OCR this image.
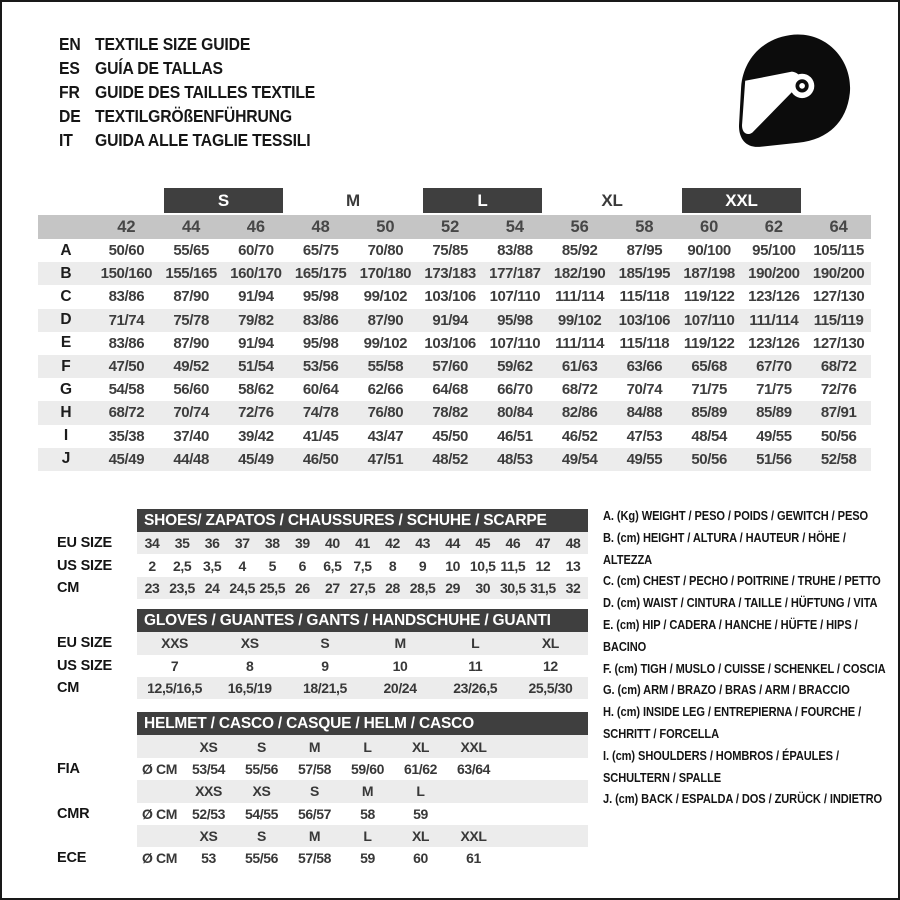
EN TEXTILE SIZE GUIDE
ES GUÍA DE TALLAS
FR GUIDE DES TAILLES TEXTILE
DE TEXTILGRÖßENFÜHRUNG
IT	GUIDA ALLE TAGLIE TESSILI
S	M	L	XL	XXL
42	44	46	48	50	52	54	56	58	60	62	64
A	50/60	55/65	60/70	65/75	70/80	75/85	83/88	85/92	87/95	90/100	95/100	105/115
B	150/160 155/165 160/170 165/175 170/180 173/183 177/187 182/190 185/195 187/198 190/200 190/200
C	83/86	87/90	91/94	95/98	99/102	103/106 107/110 111/114	115/118 119/122 123/126 127/130
D	71/74	75/78	79/82	83/86	87/90	91/94	95/98	99/102	103/106 107/110 111/114	115/119
E	83/86	87/90	91/94	95/98	99/102	103/106 107/110 111/114	115/118 119/122 123/126 127/130
F	47/50	49/52	51/54	53/56	55/58	57/60	59/62	61/63	63/66	65/68	67/70	68/72
G	54/58	56/60	58/62	60/64	62/66	64/68	66/70	68/72	70/74	71/75	71/75	72/76
H	68/72	70/74	72/76	74/78	76/80	78/82	80/84	82/86	84/88	85/89	85/89	87/91
I	35/38	37/40	39/42	41/45	43/47	45/50	46/51	46/52	47/53	48/54	49/55	50/56
J	45/49	44/48	45/49	46/50	47/51	48/52	48/53	49/54	49/55	50/56	51/56	52/58
SHOES/ ZAPATOS / CHAUSSURES / SCHUHE / SCARPE
EU SIZE	34	35	36	37	38	39	40	41	42	43	44	45	46	47	48
US SIZE	2	2,5 3,5	4	5	6	6,5 7,5	8	9	10 10,5 11,5 12	13
CM	23 23,5 24 24,5 25,5 26	27 27,5 28 28,5 29	30 30,5 31,5 32
GLOVES / GUANTES / GANTS / HANDSCHUHE / GUANTI
EU SIZE	XXS	XS	S	M	L	XL
US SIZE	7	8	9	10	11	12
CM	12,5/16,5	16,5/19	18/21,5	20/24	23/26,5	25,5/30
HELMET / CASCO / CASQUE / HELM / CASCO
XS	S	M	L	XL	XXL
FIA	Ø CM	53/54	55/56	57/58	59/60	61/62	63/64
XXS	XS	S	M	L
CMR	Ø CM	52/53	54/55	56/57	58	59
XS	S	M	L	XL	XXL
ECE	Ø CM	53	55/56	57/58	59	60	61
A. (Kg) WEIGHT / PESO / POIDS / GEWITCH / PESO
B. (cm) HEIGHT / ALTURA / HAUTEUR / HÖHE / ALTEZZA
C. (cm) CHEST / PECHO / POITRINE / TRUHE / PETTO
D. (cm) WAIST / CINTURA / TAILLE / HÜFTUNG / VITA
E. (cm) HIP / CADERA / HANCHE / HÜFTE / HIPS / BACINO
F. (cm) TIGH / MUSLO / CUISSE / SCHENKEL / COSCIA
G. (cm) ARM / BRAZO / BRAS / ARM / BRACCIO
H. (cm) INSIDE LEG / ENTREPIERNA / FOURCHE / SCHRITT / FORCELLA
I. (cm) SHOULDERS / HOMBROS / ÉPAULES / SCHULTERN / SPALLE
J. (cm) BACK / ESPALDA / DOS / ZURÜCK / INDIETRO
